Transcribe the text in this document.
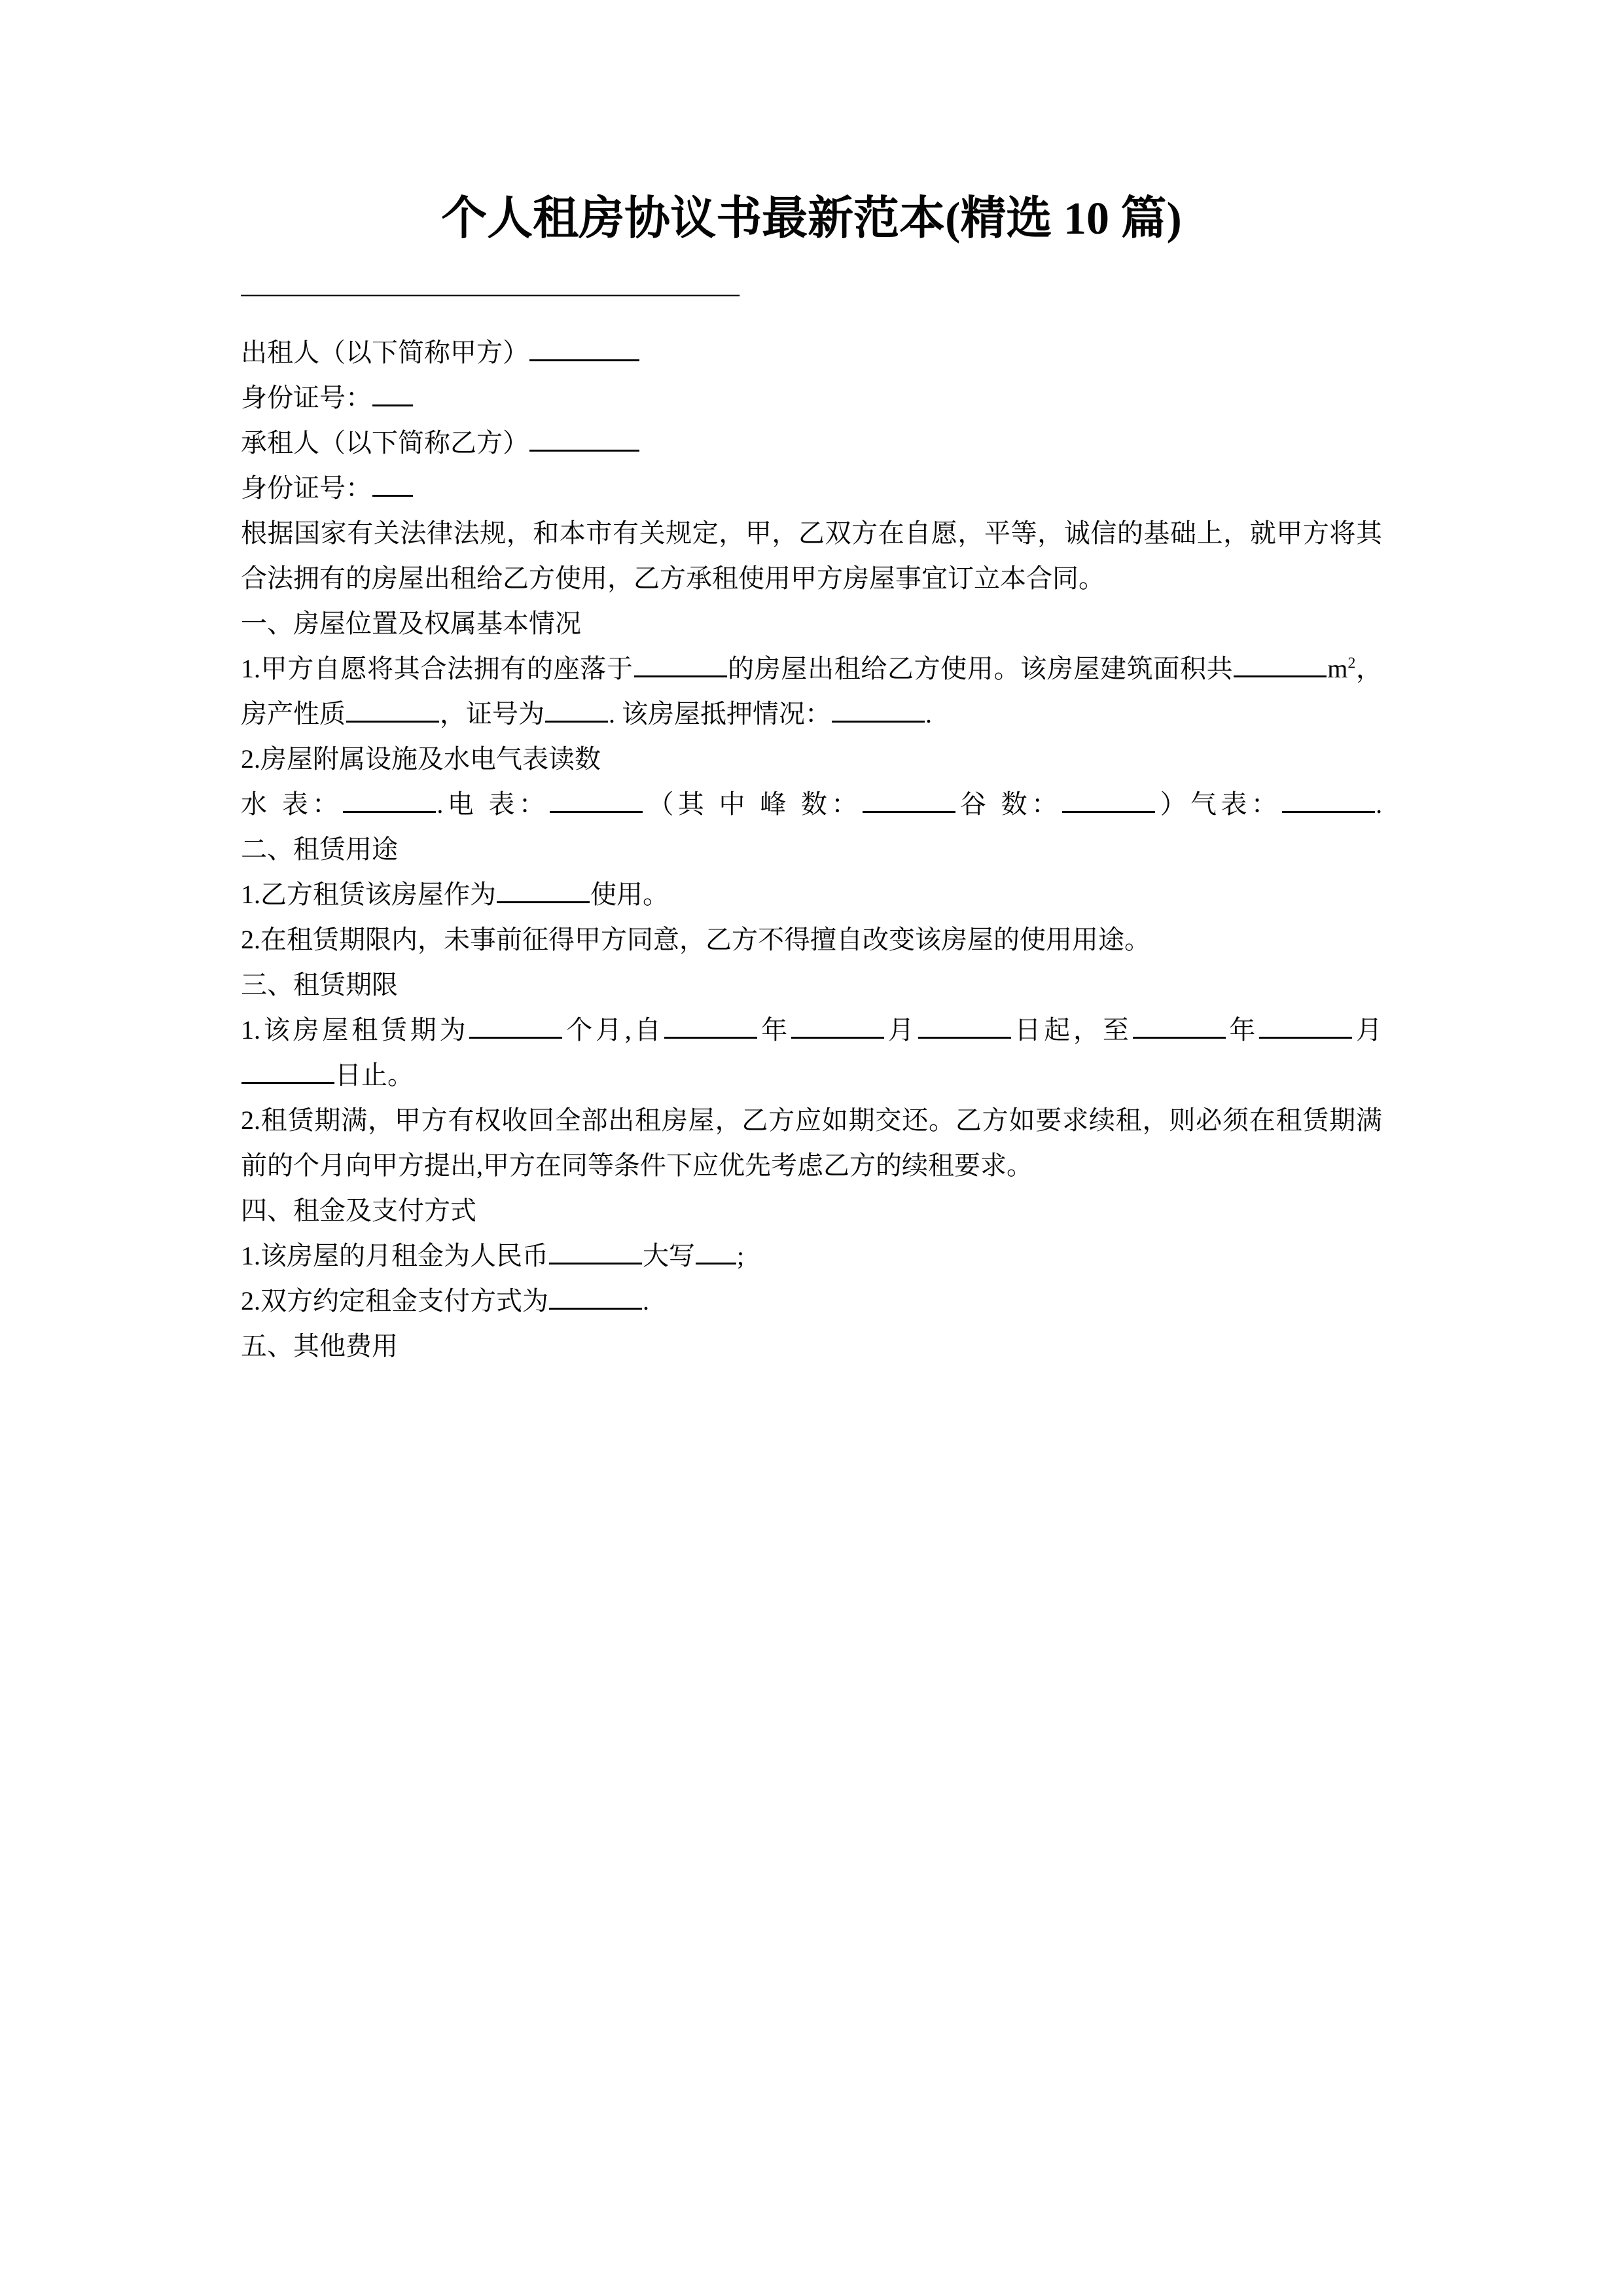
个人租房协议书最新范本(精选 10 篇)
————————————————————

出租人（以下简称甲方）

身份证号：

承租人（以下简称乙方）

身份证号：

根据国家有关法律法规，和本市有关规定，甲，乙双方在自愿，平等，诚信的基础上，就甲方将其合法拥有的房屋出租给乙方使用，乙方承租使用甲方房屋事宜订立本合同。

一、房屋位置及权属基本情况

1.甲方自愿将其合法拥有的座落于	的房屋出租给乙方使用。该房屋建筑面积共	$m^2$，房产性质	，证号为 . 该房屋抵押情况：	.

2.房屋附属设施及水电气表读数

水 表：	.电 表：	（其 中 峰 数：	谷 数：	）气表：	.

二、租赁用途

1.乙方租赁该房屋作为	使用。

2.在租赁期限内，未事前征得甲方同意，乙方不得擅自改变该房屋的使用用途。

三、租赁期限

1.该房屋租赁期为	个月,自	年	月	日起，至	年	月日止。

2.租赁期满，甲方有权收回全部出租房屋，乙方应如期交还。乙方如要求续租，则必须在租赁期满前的个月向甲方提出,甲方在同等条件下应优先考虑乙方的续租要求。

四、租金及支付方式

1.该房屋的月租金为人民币	大写 ;

2.双方约定租金支付方式为	.

五、其他费用
